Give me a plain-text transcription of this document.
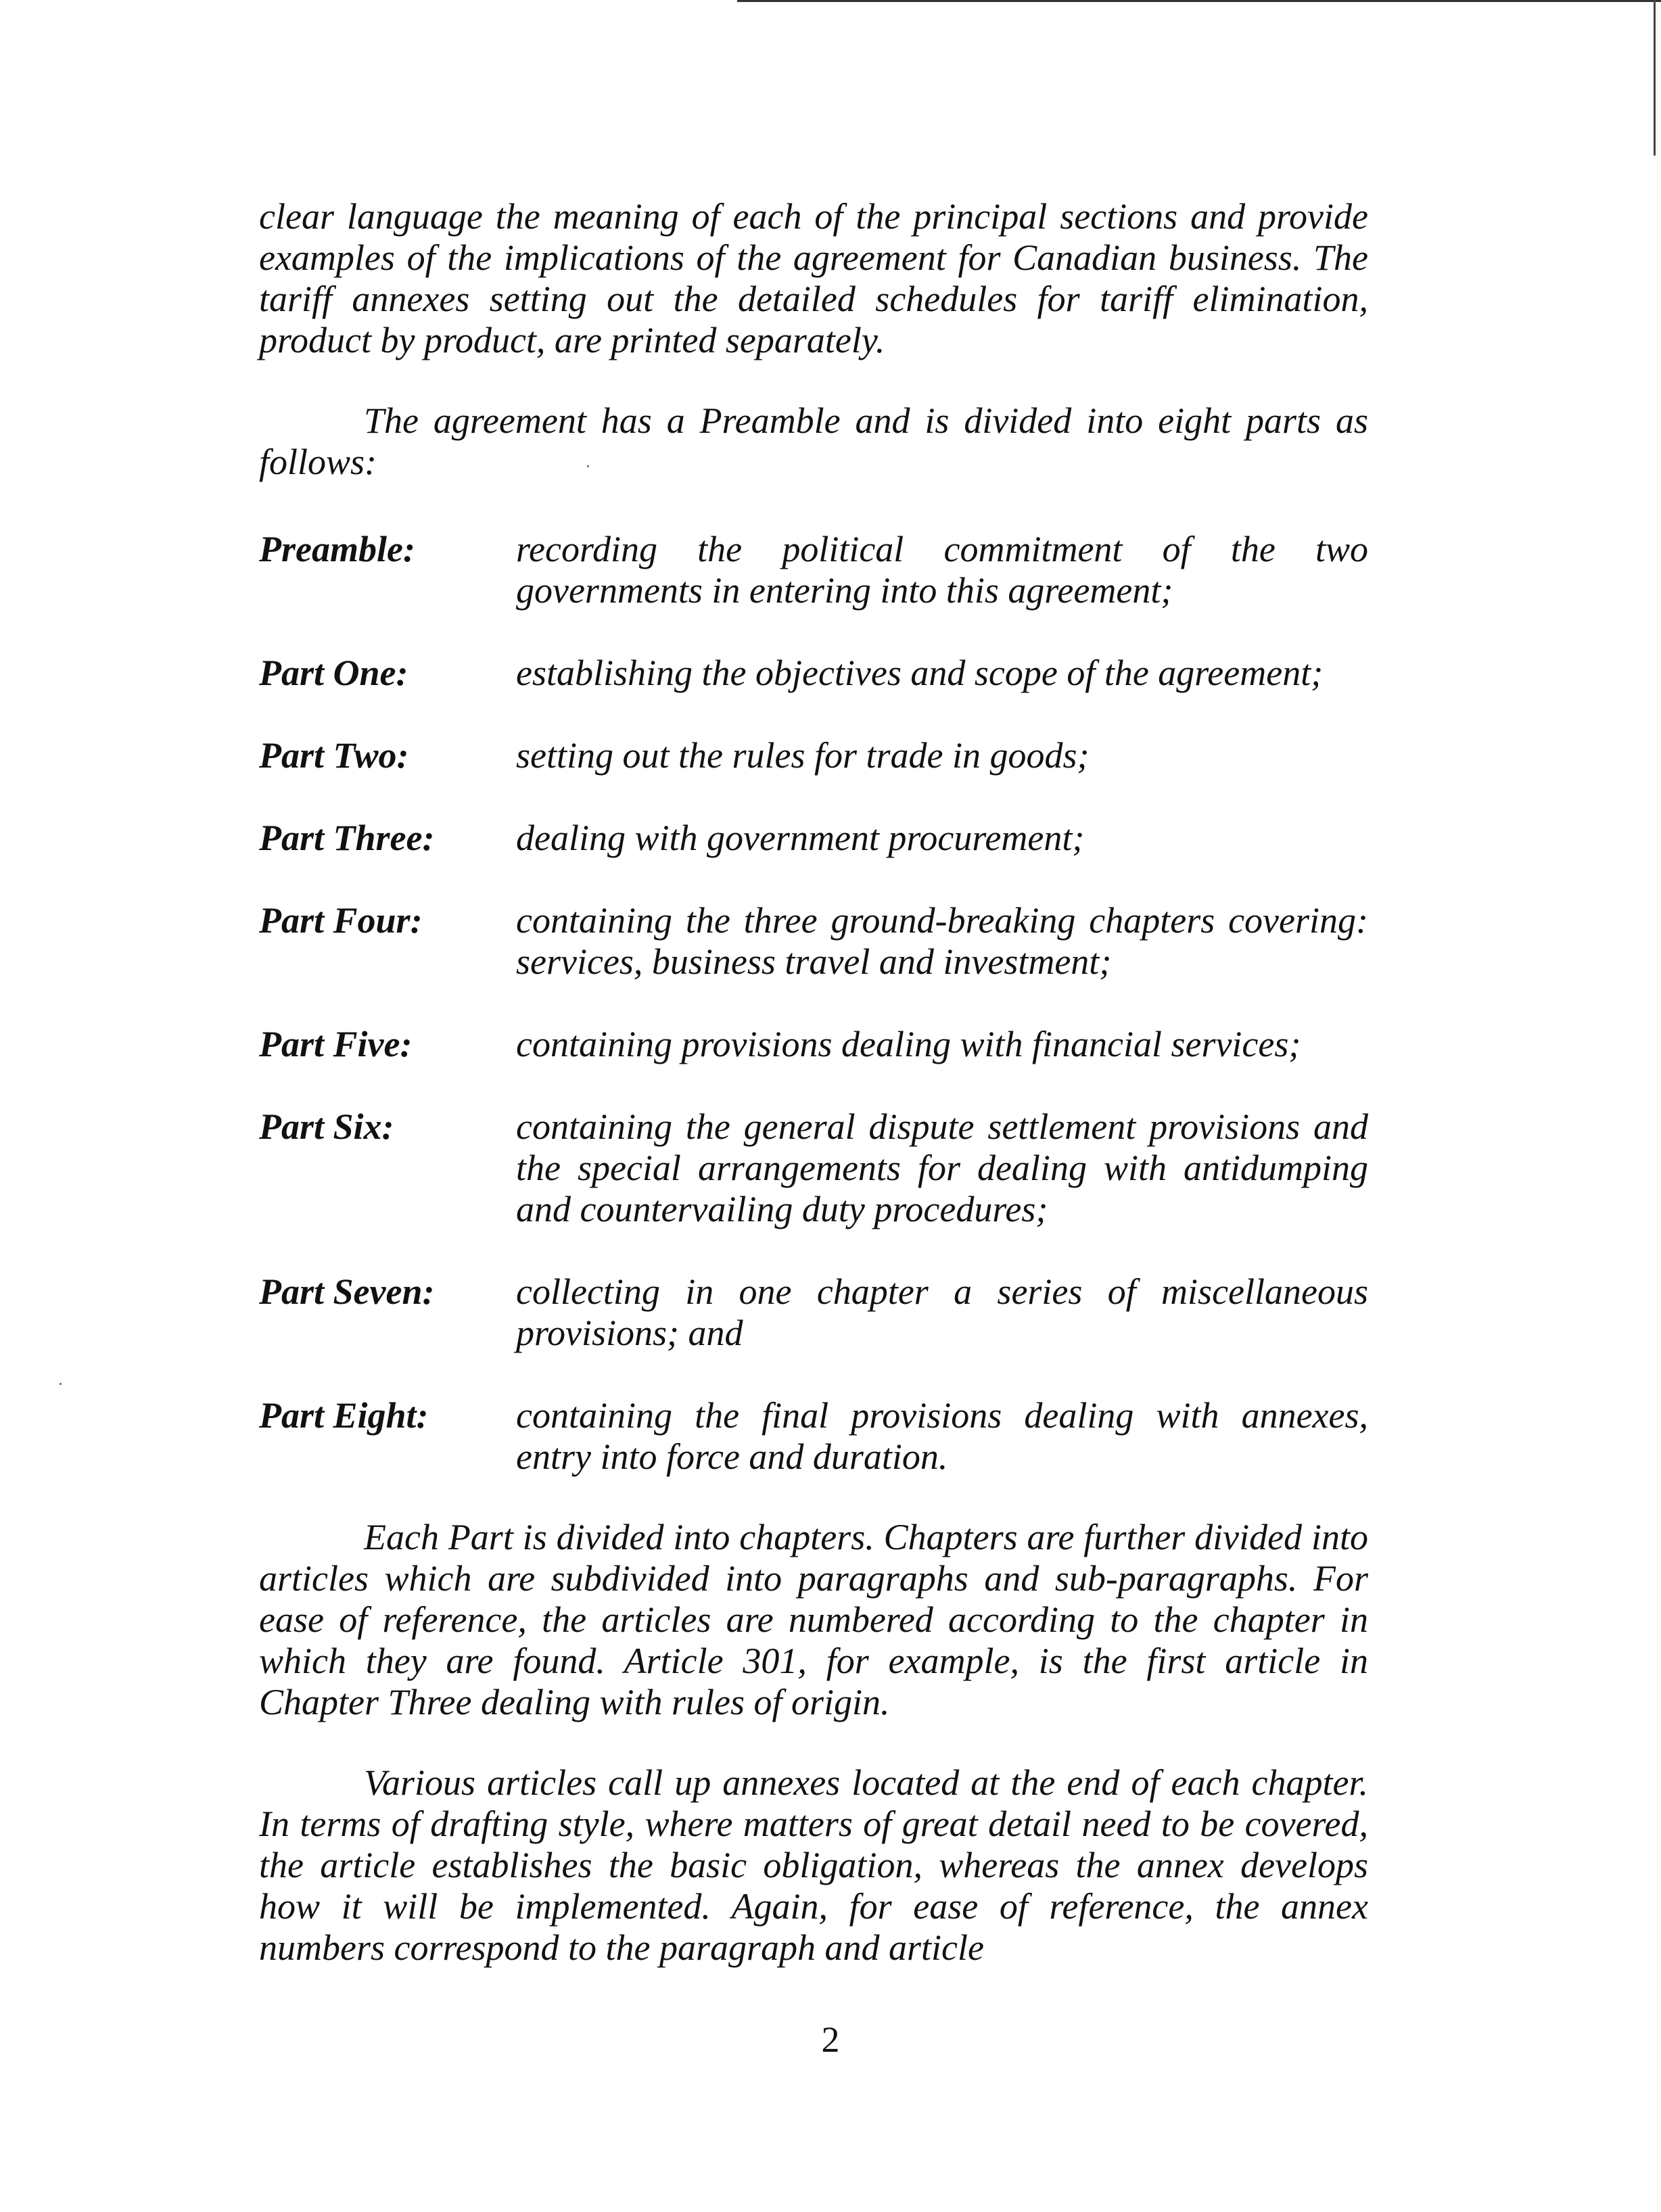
clear language the meaning of each of the principal sections and provide examples of the implications of the agreement for Canadian business. The tariff annexes setting out the detailed schedules for tariff elimination, product by product, are printed separately.

The agreement has a Preamble and is divided into eight parts as follows:

Preamble:	recording the political commitment of the two governments in entering into this agreement;
Part One:	establishing the objectives and scope of the agreement;
Part Two:	setting out the rules for trade in goods;
Part Three:	dealing with government procurement;
Part Four:	containing the three ground-breaking chapters covering: services, business travel and investment;
Part Five:	containing provisions dealing with financial services;
Part Six:	containing the general dispute settlement provisions and the special arrangements for dealing with antidumping and countervailing duty procedures;
Part Seven:	collecting in one chapter a series of miscellaneous provisions; and
Part Eight:	containing the final provisions dealing with annexes, entry into force and duration.

Each Part is divided into chapters. Chapters are further divided into articles which are subdivided into paragraphs and sub-paragraphs. For ease of reference, the articles are numbered according to the chapter in which they are found. Article 301, for example, is the first article in Chapter Three dealing with rules of origin.

Various articles call up annexes located at the end of each chapter. In terms of drafting style, where matters of great detail need to be covered, the article establishes the basic obligation, whereas the annex develops how it will be implemented. Again, for ease of reference, the annex numbers correspond to the paragraph and article

2
